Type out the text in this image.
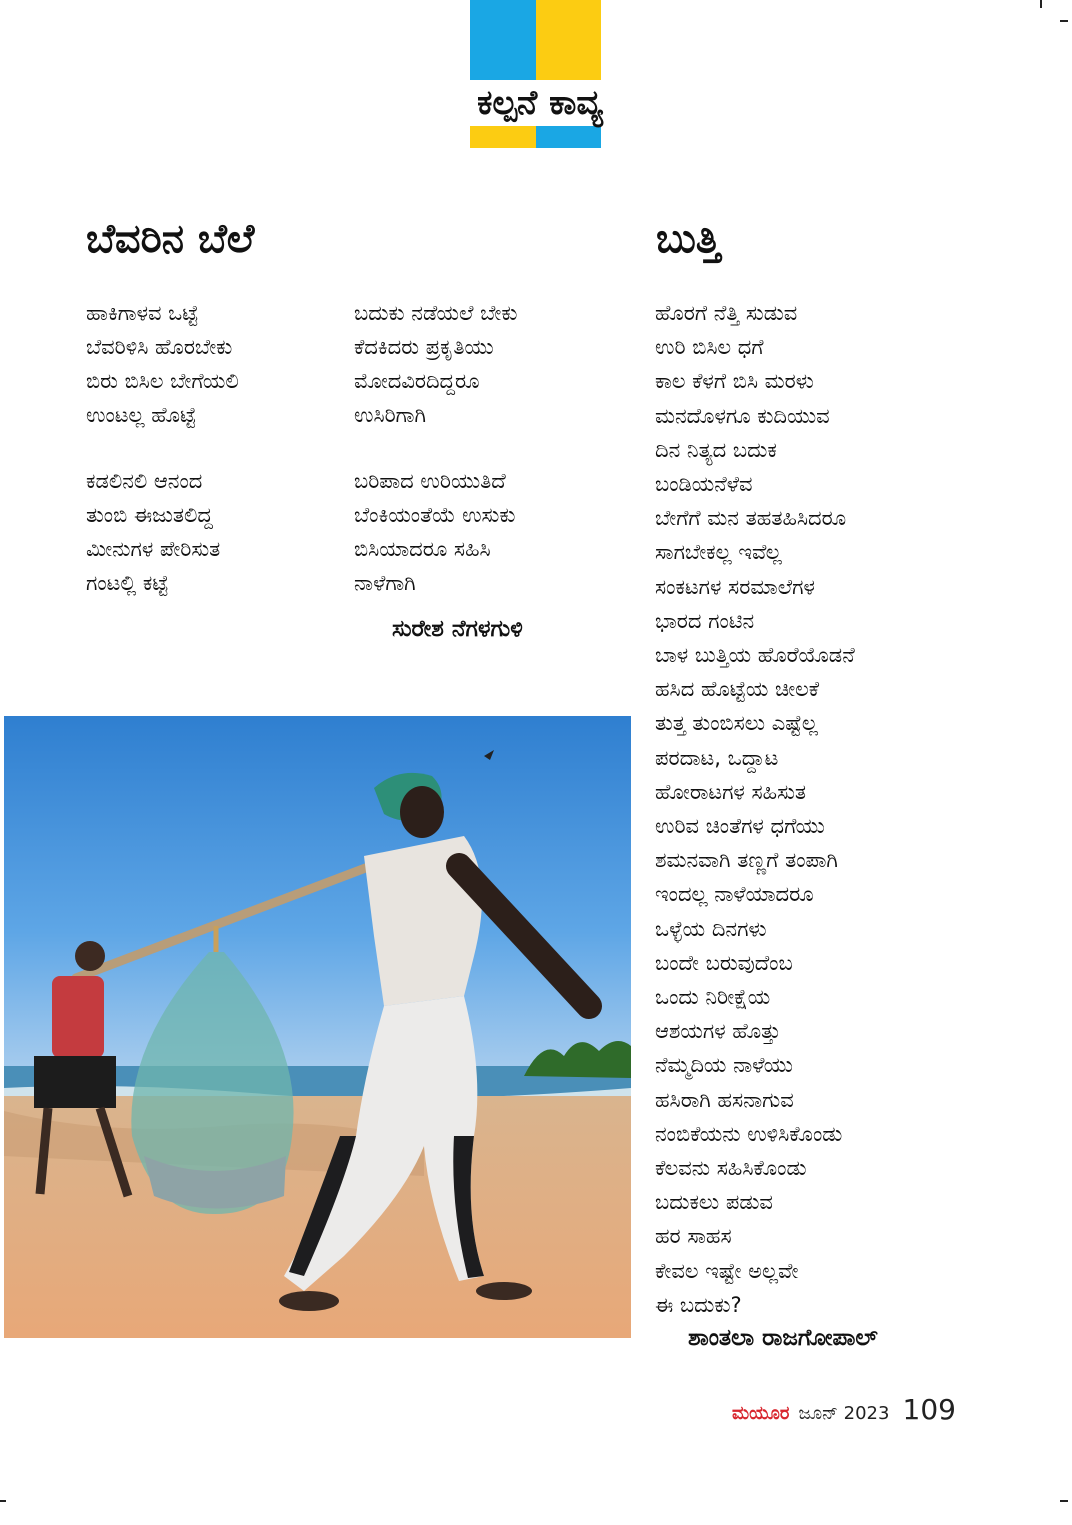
ಕಲ್ಪನೆ ಕಾವ್ಯ
ಬೆವರಿನ ಬೆಲೆ
ಹಾಕಿಗಾಳವ ಒಟ್ಟೆ
ಬೆವರಿಳಿಸಿ ಹೊರಬೇಕು
ಬಿರು ಬಿಸಿಲ ಬೇಗೆಯಲಿ
ಉಂಟಲ್ಲ ಹೊಟ್ಟೆ
ಕಡಲಿನಲಿ ಆನಂದ
ತುಂಬಿ ಈಜುತಲಿದ್ದ
ಮೀನುಗಳ ಪೇರಿಸುತ
ಗಂಟಲ್ಲಿ ಕಟ್ಟೆ
ಬದುಕು ನಡೆಯಲೆ ಬೇಕು
ಕೆದಕಿದರು ಪ್ರಕೃತಿಯು
ಮೋದವಿರದಿದ್ದರೂ
ಉಸಿರಿಗಾಗಿ
ಬರಿಪಾದ ಉರಿಯುತಿದೆ
ಬೆಂಕಿಯಂತೆಯೆ ಉಸುಕು
ಬಿಸಿಯಾದರೂ ಸಹಿಸಿ
ನಾಳೆಗಾಗಿ
ಸುರೇಶ ನೆಗಳಗುಳಿ
ಬುತ್ತಿ
ಹೊರಗೆ ನೆತ್ತಿ ಸುಡುವ
ಉರಿ ಬಿಸಿಲ ಧಗೆ
ಕಾಲ ಕೆಳಗೆ ಬಿಸಿ ಮರಳು
ಮನದೊಳಗೂ ಕುದಿಯುವ
ದಿನ ನಿತ್ಯದ ಬದುಕ
ಬಂಡಿಯನೆಳೆವ
ಬೇಗೆಗೆ ಮನ ತಹತಹಿಸಿದರೂ
ಸಾಗಬೇಕಲ್ಲ ಇವೆಲ್ಲ
ಸಂಕಟಗಳ ಸರಮಾಲೆಗಳ
ಭಾರದ ಗಂಟಿನ
ಬಾಳ ಬುತ್ತಿಯ ಹೊರೆಯೊಡನೆ
ಹಸಿದ ಹೊಟ್ಟೆಯ ಚೀಲಕೆ
ತುತ್ತ ತುಂಬಿಸಲು ಎಷ್ಟೆಲ್ಲ
ಪರದಾಟ, ಒದ್ದಾಟ
ಹೋರಾಟಗಳ ಸಹಿಸುತ
ಉರಿವ ಚಿಂತೆಗಳ ಧಗೆಯು
ಶಮನವಾಗಿ ತಣ್ಣಗೆ ತಂಪಾಗಿ
ಇಂದಲ್ಲ ನಾಳೆಯಾದರೂ
ಒಳ್ಳೆಯ ದಿನಗಳು
ಬಂದೇ ಬರುವುದೆಂಬ
ಒಂದು ನಿರೀಕ್ಷೆಯ
ಆಶಯಗಳ ಹೊತ್ತು
ನೆಮ್ಮದಿಯ ನಾಳೆಯು
ಹಸಿರಾಗಿ ಹಸನಾಗುವ
ನಂಬಿಕೆಯನು ಉಳಿಸಿಕೊಂಡು
ಕೆಲವನು ಸಹಿಸಿಕೊಂಡು
ಬದುಕಲು ಪಡುವ
ಹರ ಸಾಹಸ
ಕೇವಲ ಇಷ್ಟೇ ಅಲ್ಲವೇ
ಈ ಬದುಕು?
ಶಾಂತಲಾ ರಾಜಗೋಪಾಲ್
ಮಯೂರ ಜೂನ್ 2023 109
